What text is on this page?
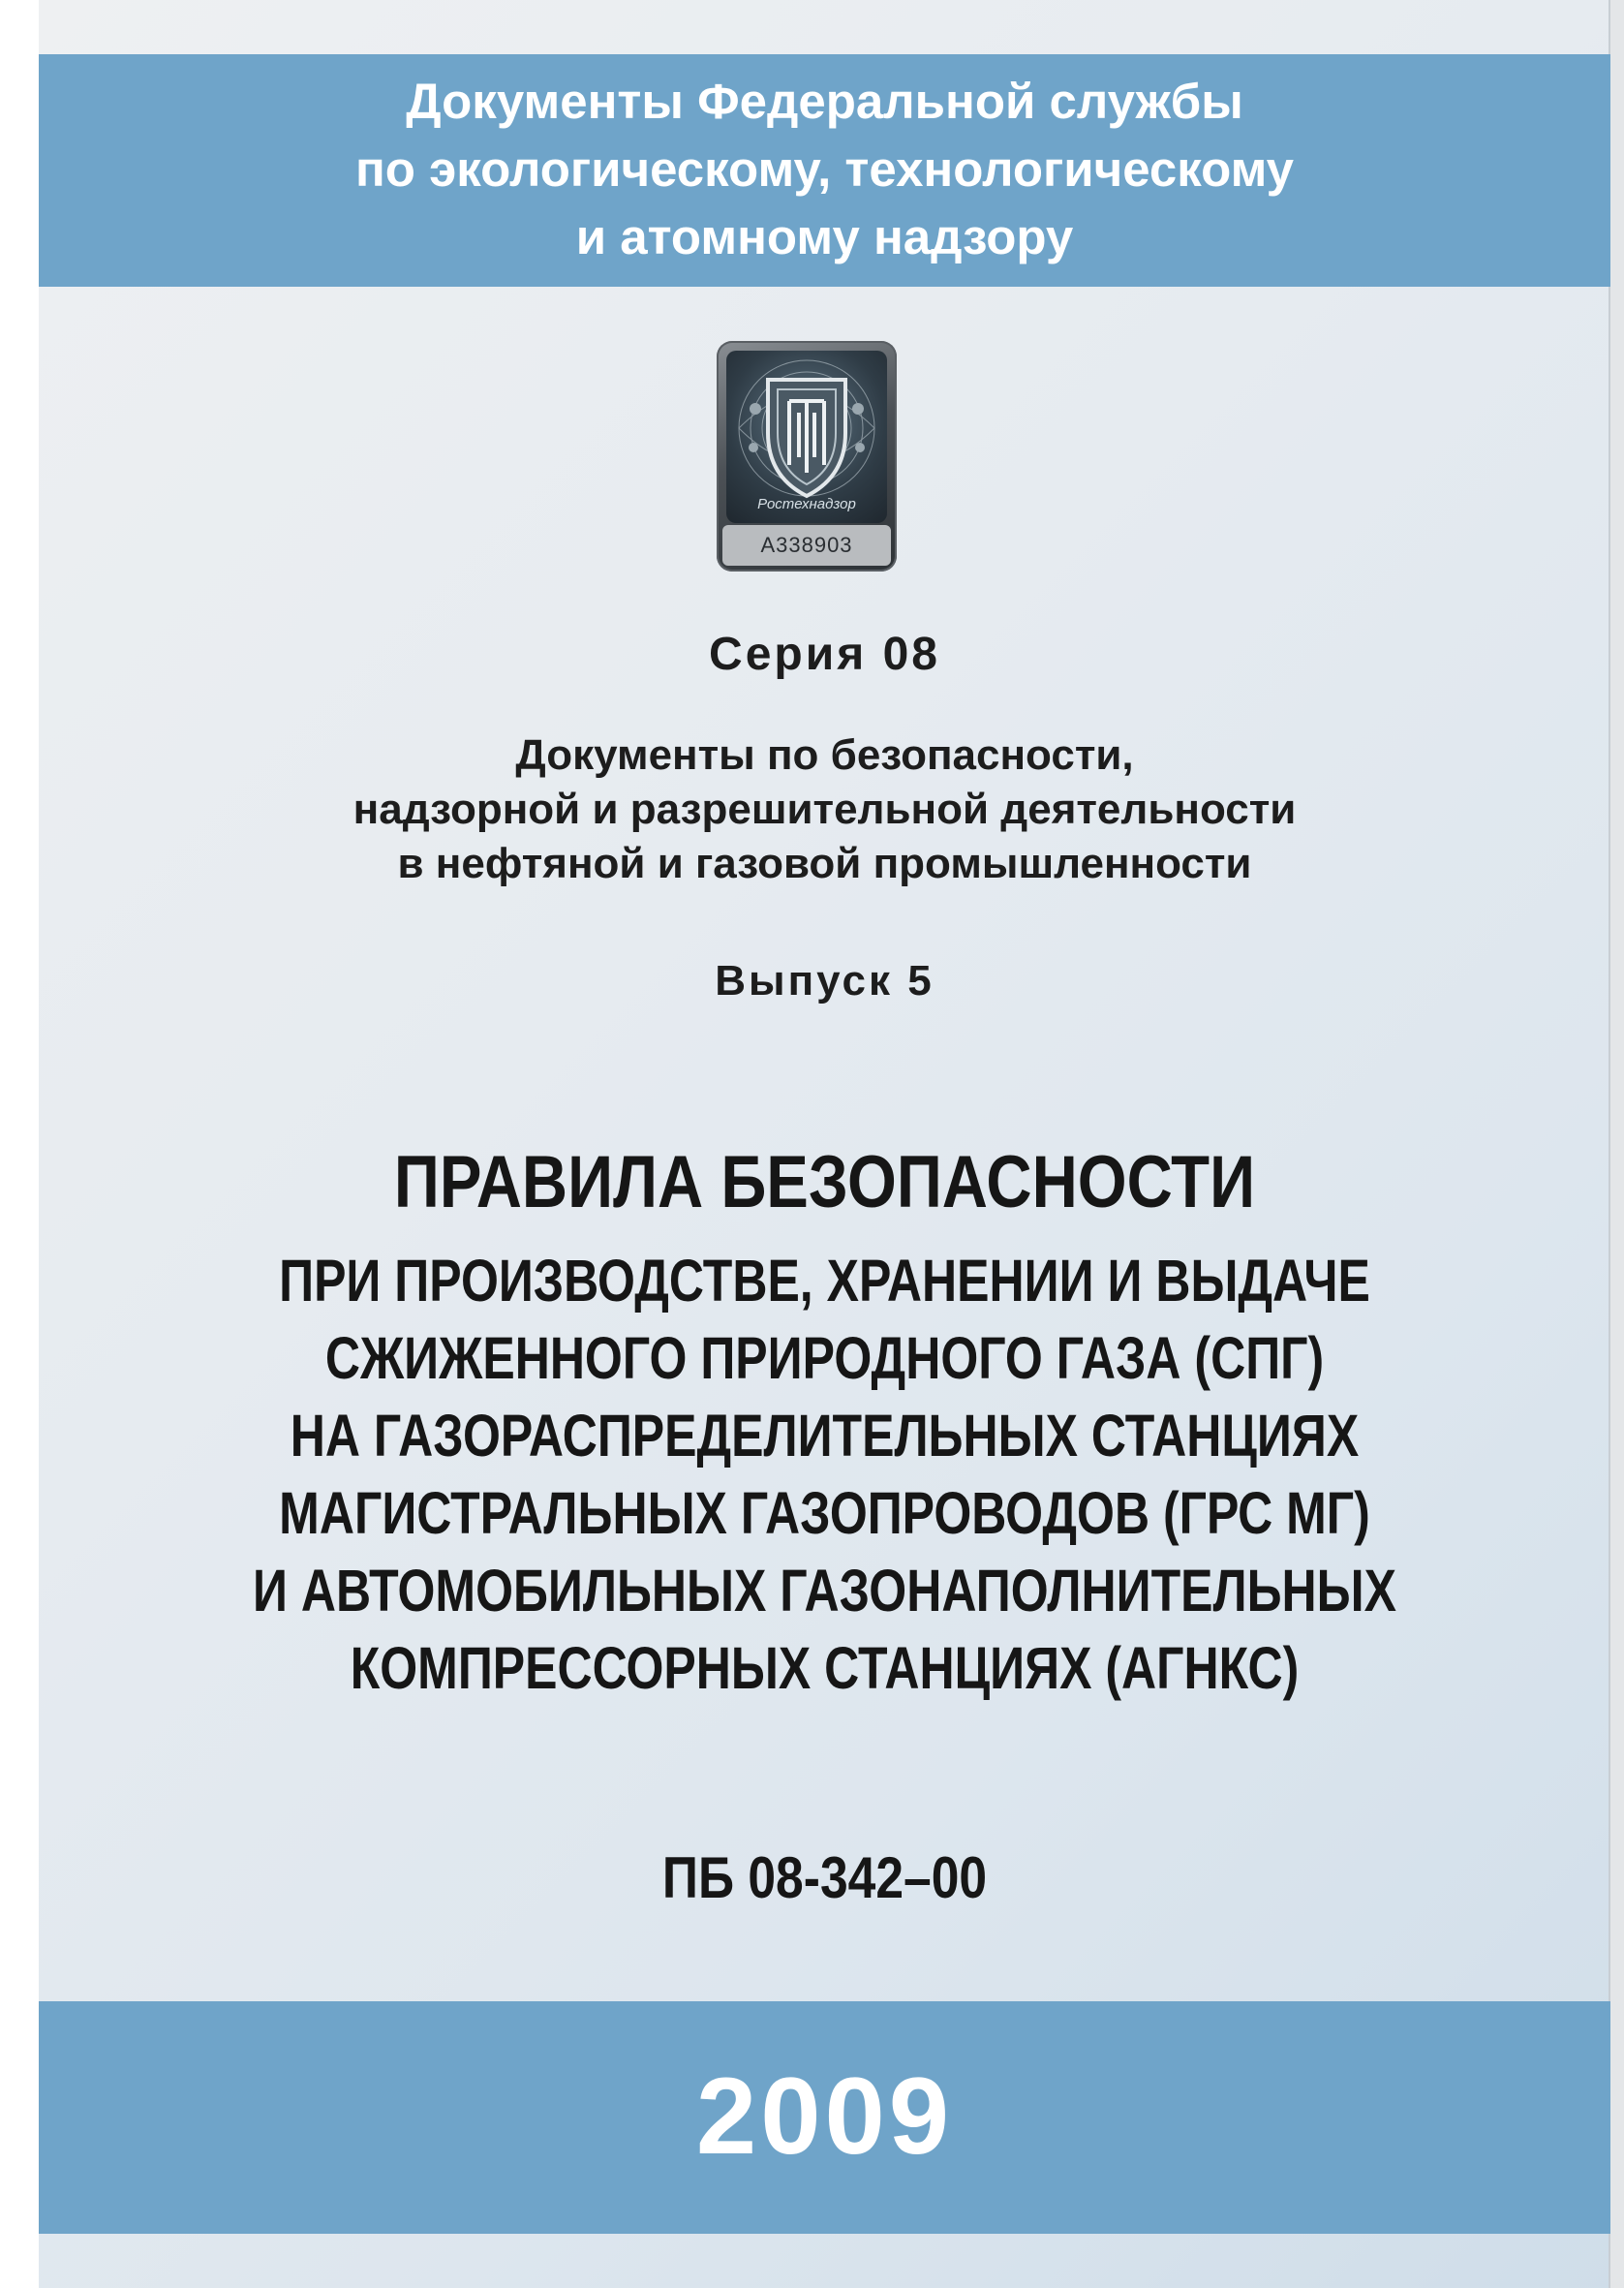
Документы Федеральной службы
по экологическому, технологическому
и атомному надзору
Ростехнадзор
А338903
Серия 08
Документы по безопасности,
надзорной и разрешительной деятельности
в нефтяной и газовой промышленности
Выпуск 5
ПРАВИЛА БЕЗОПАСНОСТИ
ПРИ ПРОИЗВОДСТВЕ, ХРАНЕНИИ И ВЫДАЧЕ
СЖИЖЕННОГО ПРИРОДНОГО ГАЗА (СПГ)
НА ГАЗОРАСПРЕДЕЛИТЕЛЬНЫХ СТАНЦИЯХ
МАГИСТРАЛЬНЫХ ГАЗОПРОВОДОВ (ГРС МГ)
И АВТОМОБИЛЬНЫХ ГАЗОНАПОЛНИТЕЛЬНЫХ
КОМПРЕССОРНЫХ СТАНЦИЯХ (АГНКС)
ПБ 08-342–00
2009
